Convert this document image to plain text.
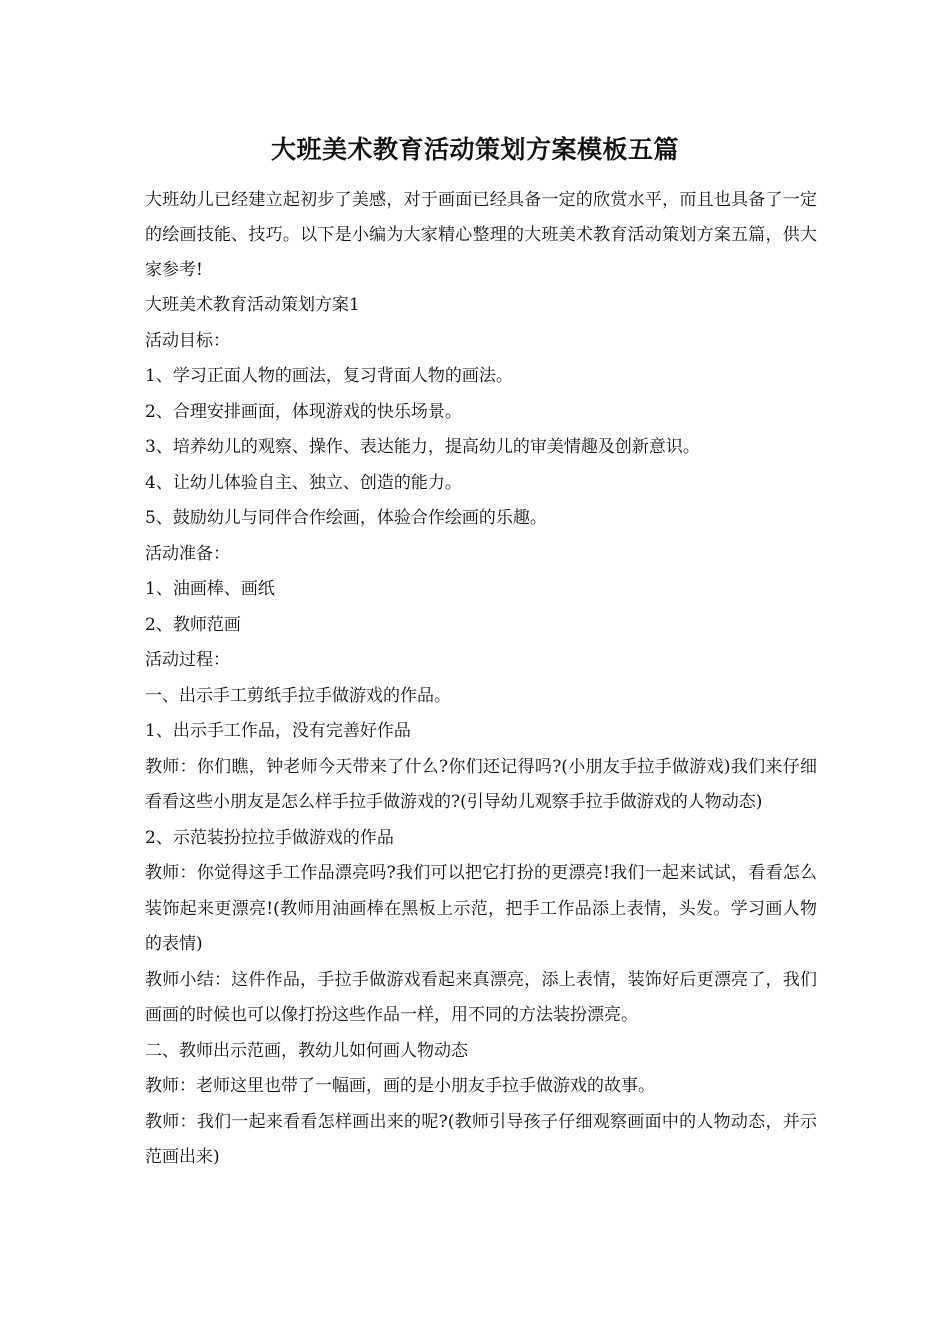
大班美术教育活动策划方案模板五篇

大班幼儿已经建立起初步了美感，对于画面已经具备一定的欣赏水平，而且也具备了一定的绘画技能、技巧。以下是小编为大家精心整理的大班美术教育活动策划方案五篇，供大家参考!

大班美术教育活动策划方案1

活动目标：

1、学习正面人物的画法，复习背面人物的画法。

2、合理安排画面，体现游戏的快乐场景。

3、培养幼儿的观察、操作、表达能力，提高幼儿的审美情趣及创新意识。

4、让幼儿体验自主、独立、创造的能力。

5、鼓励幼儿与同伴合作绘画，体验合作绘画的乐趣。

活动准备：

1、油画棒、画纸

2、教师范画

活动过程：

一、出示手工剪纸手拉手做游戏的作品。

1、出示手工作品，没有完善好作品

教师：你们瞧，钟老师今天带来了什么?你们还记得吗?(小朋友手拉手做游戏)我们来仔细看看这些小朋友是怎么样手拉手做游戏的?(引导幼儿观察手拉手做游戏的人物动态)

2、示范装扮拉拉手做游戏的作品

教师：你觉得这手工作品漂亮吗?我们可以把它打扮的更漂亮!我们一起来试试，看看怎么装饰起来更漂亮!(教师用油画棒在黑板上示范，把手工作品添上表情，头发。学习画人物的表情)

教师小结：这件作品，手拉手做游戏看起来真漂亮，添上表情，装饰好后更漂亮了，我们画画的时候也可以像打扮这些作品一样，用不同的方法装扮漂亮。

二、教师出示范画，教幼儿如何画人物动态

教师：老师这里也带了一幅画，画的是小朋友手拉手做游戏的故事。

教师：我们一起来看看怎样画出来的呢?(教师引导孩子仔细观察画面中的人物动态，并示范画出来)
